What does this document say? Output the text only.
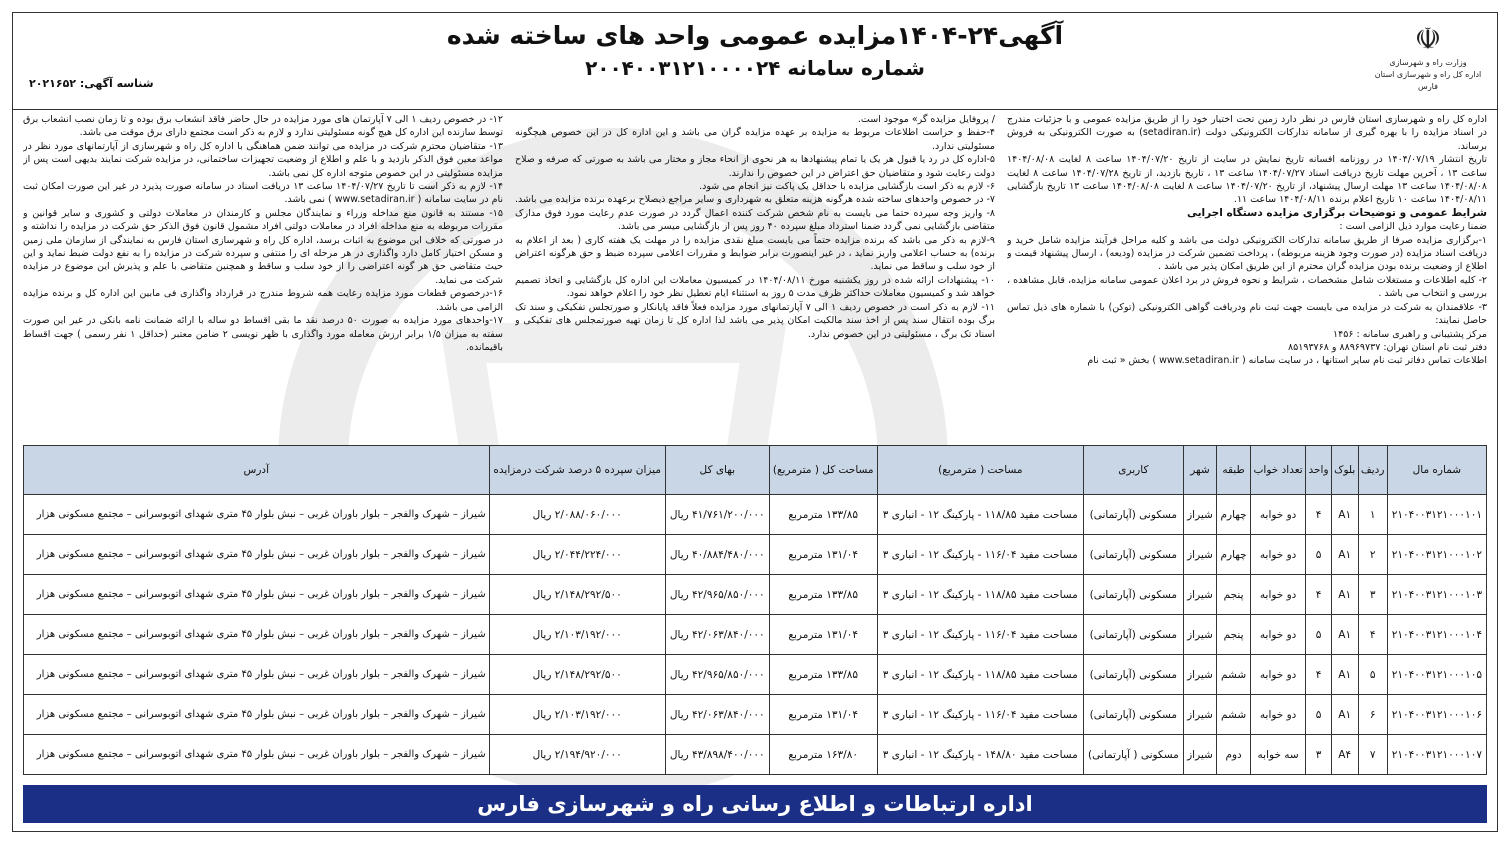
☫
وزارت راه و شهرسازی
اداره کل راه و شهرسازی استان فارس
آگهی۲۴-۱۴۰۴مزایده عمومی واحد های ساخته شده
شماره سامانه ۲۰۰۴۰۰۳۱۲۱۰۰۰۰۲۴
شناسه آگهی: ۲۰۲۱۶۵۲

اداره کل راه و شهرسازی استان فارس در نظر دارد زمین تحت اختیار خود را از طریق مزایده عمومی و با جزئیات مندرج در اسناد مزایده را با بهره گیری از سامانه تدارکات الکترونیکی دولت (setadiran.ir) به صورت الکترونیکی به فروش برساند.

تاریخ انتشار ۱۴۰۴/۰۷/۱۹ در روزنامه افسانه تاریخ نمایش در سایت از تاریخ ۱۴۰۴/۰۷/۲۰ ساعت ۸ لغایت ۱۴۰۴/۰۸/۰۸ ساعت ۱۳ ، آخرین مهلت تاریخ دریافت اسناد ۱۴۰۴/۰۷/۲۷ ساعت ۱۳ ، تاریخ بازدید، از تاریخ ۱۴۰۴/۰۷/۲۸ ساعت ۸ لغایت ۱۴۰۴/۰۸/۰۸ ساعت ۱۳ مهلت ارسال پیشنهاد، از تاریخ ۱۴۰۴/۰۷/۲۰ ساعت ۸ لغایت ۱۴۰۴/۰۸/۰۸ ساعت ۱۳ تاریخ بازگشایی ۱۴۰۴/۰۸/۱۱ ساعت ۱۰ تاریخ اعلام برنده ۱۴۰۴/۰۸/۱۱ ساعت ۱۱.

شرایط عمومی و توضیحات برگزاری مزایده دستگاه اجرایی

ضمنا رعایت موارد ذیل الزامی است :

۱-برگزاری مزایده صرفا از طریق سامانه تدارکات الکترونیکی دولت می باشد و کلیه مراحل فرآیند مزایده شامل خرید و دریافت اسناد مزایده (در صورت وجود هزینه مربوطه) ، پرداخت تضمین شرکت در مزایده (ودیعه) ، ارسال پیشنهاد قیمت و اطلاع از وضعیت برنده بودن مزایده گران محترم از این طریق امکان پذیر می باشد .

۲- کلیه اطلاعات و مستغلات شامل مشخصات ، شرایط و نحوه فروش در برد اعلان عمومی سامانه مزایده، قابل مشاهده ، بررسی و انتخاب می باشد .

۳- علاقمندان به شرکت در مزایده می بایست جهت ثبت نام ودریافت گواهی الکترونیکی (توکن) با شماره های ذیل تماس حاصل نمایند:

مرکز پشتیبانی و راهبری سامانه : ۱۴۵۶

دفتر ثبت نام استان تهران: ۸۸۹۶۹۷۳۷ و ۸۵۱۹۳۷۶۸

اطلاعات تماس دفاتر ثبت نام سایر استانها ، در سایت سامانه ( www.setadiran.ir ) بخش « ثبت نام

/ پروفایل مزایده گر» موجود است.

۴-حفظ و حراست اطلاعات مربوط به مزایده بر عهده مزایده گران می باشد و این اداره کل در این خصوص هیچگونه مسئولیتی ندارد.

۵-اداره کل در رد یا قبول هر یک یا تمام پیشنهادها به هر نحوی از انحاء مجاز و مختار می باشد به صورتی که صرفه و صلاح دولت رعایت شود و متقاضیان حق اعتراض در این خصوص را ندارند.

۶- لازم به ذکر است بازگشایی مزایده با حداقل یک پاکت نیز انجام می شود.

۷- در خصوص واحدهای ساخته شده هرگونه هزینه متعلق به شهرداری و سایر مراجع ذیصلاح برعهده برنده مزایده می باشد.

۸- واریز وجه سپرده حتما می بایست به نام شخص شرکت کننده اعمال گردد در صورت عدم رعایت مورد فوق مدارک متقاضی بازگشایی نمی گردد ضمنا استرداد مبلغ سپرده ۴۰ روز پس از بازگشایی میسر می باشد.

۹-لازم به ذکر می باشد که برنده مزایده حتماً می بایست مبلغ نقدی مزایده را در مهلت یک هفته کاری ( بعد از اعلام به برنده) به حساب اعلامی واریز نماید ، در غیر اینصورت برابر ضوابط و مقررات اعلامی سپرده ضبط و حق هرگونه اعتراض از خود سلب و ساقط می نماید.

۱۰- پیشنهادات ارائه شده در روز یکشنبه مورخ ۱۴۰۴/۰۸/۱۱ در کمیسیون معاملات این اداره کل بازگشایی و اتخاذ تصمیم خواهد شد و کمیسیون معاملات حداکثر ظرف مدت ۵ روز به استثناء ایام تعطیل نظر خود را اعلام خواهد نمود.

۱۱- لازم به ذکر است در خصوص ردیف ۱ الی ۷ آپارتمانهای مورد مزایده فعلاً فاقد پایانکار و صورتجلس تفکیکی و سند تک برگ بوده انتقال سند پس از اخذ سند مالکیت امکان پذیر می باشد لذا اداره کل تا زمان تهیه صورتمجلس های تفکیکی و اسناد تک برگ ، مسئولیتی در این خصوص ندارد.

۱۲- در خصوص ردیف ۱ الی ۷ آپارتمان های مورد مزایده در حال حاضر فاقد انشعاب برق بوده و تا زمان نصب انشعاب برق توسط سازنده این اداره کل هیچ گونه مسئولیتی ندارد و لازم به ذکر است مجتمع دارای برق موقت می باشد.

۱۳- متقاضیان محترم شرکت در مزایده می توانند ضمن هماهنگی با اداره کل راه و شهرسازی از آپارتمانهای مورد نظر در مواعد معین فوق الذکر بازدید و با علم و اطلاع از وضعیت تجهیزات ساختمانی، در مزایده شرکت نمایند بدیهی است پس از مزایده مسئولیتی در این خصوص متوجه اداره کل نمی باشد.

۱۴- لازم به ذکر است تا تاریخ ۱۴۰۴/۰۷/۲۷ ساعت ۱۳ دریافت اسناد در سامانه صورت پذیرد در غیر این صورت امکان ثبت نام در سایت سامانه ( www.setadiran.ir ) نمی باشد.

۱۵- مستند به قانون منع مداخله وزراء و نمایندگان مجلس و کارمندان در معاملات دولتی و کشوری و سایر قوانین و مقررات مربوطه به منع مداخله افراد در معاملات دولتی افراد مشمول قانون فوق الذکر حق شرکت در مزایده را نداشته و در صورتی که خلاف این موضوع به اثبات برسد، اداره کل راه و شهرسازی استان فارس به نمایندگی از سازمان ملی زمین و مسکن اختیار کامل دارد واگذاری در هر مرحله ای را منتفی و سپرده شرکت در مزایده را به نفع دولت ضبط نماید و این حیث متقاضی حق هر گونه اعتراضی را از خود سلب و ساقط و همچنین متقاضی با علم و پذیرش این موضوع در مزایده شرکت می نماید.

۱۶-درخصوص قطعات مورد مزایده رعایت همه شروط مندرج در قرارداد واگذاری فی مابین این اداره کل و برنده مزایده الزامی می باشد.

۱۷-واحدهای مورد مزایده به صورت ۵۰ درصد نقد ما بقی اقساط دو ساله با ارائه ضمانت نامه بانکی در غیر این صورت سفته به میزان ۱/۵ برابر ارزش معامله مورد واگذاری با ظهر نویسی ۲ ضامن معتبر (حداقل ۱ نفر رسمی ) جهت اقساط باقیمانده.

شماره مال	ردیف	بلوک	واحد	تعداد خواب	طبقه	شهر	کاربری	مساحت ( مترمربع)	مساحت کل ( مترمربع)	بهای کل	میزان سپرده ۵ درصد شرکت درمزایده	آدرس
۲۱۰۴۰۰۳۱۲۱۰۰۰۱۰۱	۱	A۱	۴	دو خوابه	چهارم	شیراز	مسکونی (آپارتمانی)	مساحت مفید ۱۱۸/۸۵ - پارکینگ ۱۲ - انباری ۳	۱۳۳/۸۵ مترمربع	۴۱/۷۶۱/۲۰۰/۰۰۰ ریال	۲/۰۸۸/۰۶۰/۰۰۰ ریال	شیراز – شهرک والفجر – بلوار باوران غربی – نبش بلوار ۴۵ متری شهدای اتوبوسرانی – مجتمع مسکونی هزار
۲۱۰۴۰۰۳۱۲۱۰۰۰۱۰۲	۲	A۱	۵	دو خوابه	چهارم	شیراز	مسکونی (آپارتمانی)	مساحت مفید ۱۱۶/۰۴ - پارکینگ ۱۲ - انباری ۳	۱۳۱/۰۴ مترمربع	۴۰/۸۸۴/۴۸۰/۰۰۰ ریال	۲/۰۴۴/۲۲۴/۰۰۰ ریال	شیراز – شهرک والفجر – بلوار باوران غربی – نبش بلوار ۴۵ متری شهدای اتوبوسرانی – مجتمع مسکونی هزار
۲۱۰۴۰۰۳۱۲۱۰۰۰۱۰۳	۳	A۱	۴	دو خوابه	پنجم	شیراز	مسکونی (آپارتمانی)	مساحت مفید ۱۱۸/۸۵ - پارکینگ ۱۲ - انباری ۳	۱۳۳/۸۵ مترمربع	۴۲/۹۶۵/۸۵۰/۰۰۰ ریال	۲/۱۴۸/۲۹۲/۵۰۰ ریال	شیراز – شهرک والفجر – بلوار باوران غربی – نبش بلوار ۴۵ متری شهدای اتوبوسرانی – مجتمع مسکونی هزار
۲۱۰۴۰۰۳۱۲۱۰۰۰۱۰۴	۴	A۱	۵	دو خوابه	پنجم	شیراز	مسکونی (آپارتمانی)	مساحت مفید ۱۱۶/۰۴ - پارکینگ ۱۲ - انباری ۳	۱۳۱/۰۴ مترمربع	۴۲/۰۶۳/۸۴۰/۰۰۰ ریال	۲/۱۰۳/۱۹۲/۰۰۰ ریال	شیراز – شهرک والفجر – بلوار باوران غربی – نبش بلوار ۴۵ متری شهدای اتوبوسرانی – مجتمع مسکونی هزار
۲۱۰۴۰۰۳۱۲۱۰۰۰۱۰۵	۵	A۱	۴	دو خوابه	ششم	شیراز	مسکونی (آپارتمانی)	مساحت مفید ۱۱۸/۸۵ - پارکینگ ۱۲ - انباری ۳	۱۳۳/۸۵ مترمربع	۴۲/۹۶۵/۸۵۰/۰۰۰ ریال	۲/۱۴۸/۲۹۲/۵۰۰ ریال	شیراز – شهرک والفجر – بلوار باوران غربی – نبش بلوار ۴۵ متری شهدای اتوبوسرانی – مجتمع مسکونی هزار
۲۱۰۴۰۰۳۱۲۱۰۰۰۱۰۶	۶	A۱	۵	دو خوابه	ششم	شیراز	مسکونی (آپارتمانی)	مساحت مفید ۱۱۶/۰۴ - پارکینگ ۱۲ - انباری ۳	۱۳۱/۰۴ مترمربع	۴۲/۰۶۳/۸۴۰/۰۰۰ ریال	۲/۱۰۳/۱۹۲/۰۰۰ ریال	شیراز – شهرک والفجر – بلوار باوران غربی – نبش بلوار ۴۵ متری شهدای اتوبوسرانی – مجتمع مسکونی هزار
۲۱۰۴۰۰۳۱۲۱۰۰۰۱۰۷	۷	A۴	۳	سه خوابه	دوم	شیراز	مسکونی ( آپارتمانی)	مساحت مفید ۱۴۸/۸۰ - پارکینگ ۱۲ - انباری ۳	۱۶۳/۸۰ مترمربع	۴۳/۸۹۸/۴۰۰/۰۰۰ ریال	۲/۱۹۴/۹۲۰/۰۰۰ ریال	شیراز – شهرک والفجر – بلوار باوران غربی – نبش بلوار ۴۵ متری شهدای اتوبوسرانی – مجتمع مسکونی هزار
اداره ارتباطات و اطلاع رسانی راه و شهرسازی فارس
